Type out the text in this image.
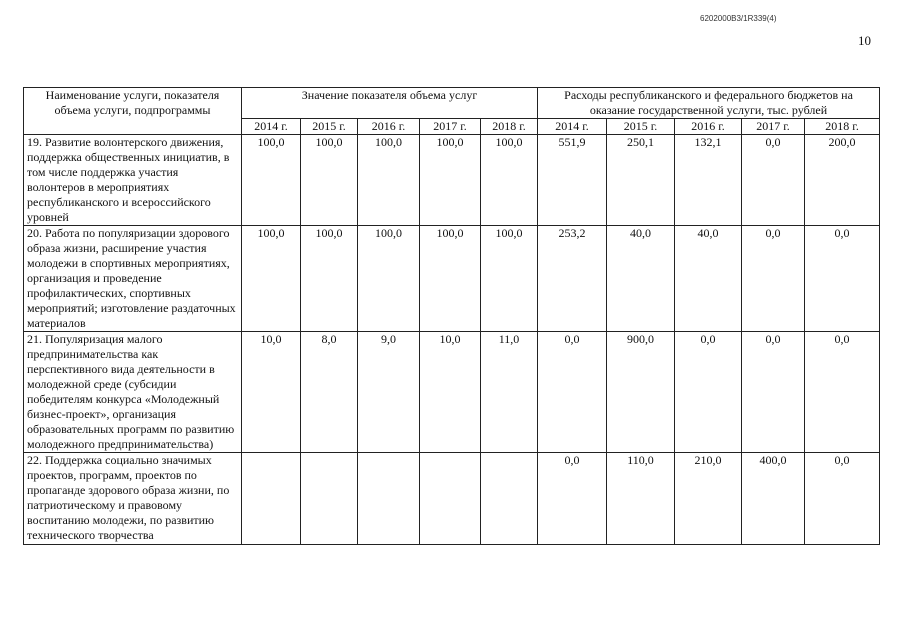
6202000В3/1R339(4)
10
Наименование услуги, показателя объема услуги, подпрограммы	Значение показателя объема услуг					Расходы республиканского и федерального бюджетов на оказание государственной услуги, тыс. рублей				
	2014 г.	2015 г.	2016 г.	2017 г.	2018 г.	2014 г.	2015 г.	2016 г.	2017 г.	2018 г.
19. Развитие волонтерского движения, поддержка общественных инициатив, в том числе поддержка участия волонтеров в мероприятиях республиканского и всероссийского уровней	100,0	100,0	100,0	100,0	100,0	551,9	250,1	132,1	0,0	200,0
20. Работа по популяризации здорового образа жизни, расширение участия молодежи в спортивных мероприятиях, организация и проведение профилактических, спортивных мероприятий; изготовление раздаточных материалов	100,0	100,0	100,0	100,0	100,0	253,2	40,0	40,0	0,0	0,0
21. Популяризация малого предпринимательства как перспективного вида деятельности в молодежной среде (субсидии победителям конкурса «Молодежный бизнес-проект», организация образовательных программ по развитию молодежного предпринимательства)	10,0	8,0	9,0	10,0	11,0	0,0	900,0	0,0	0,0	0,0
22. Поддержка социально значимых проектов, программ, проектов по пропаганде здорового образа жизни, по патриотическому и правовому воспитанию молодежи, по развитию технического творчества						0,0	110,0	210,0	400,0	0,0
